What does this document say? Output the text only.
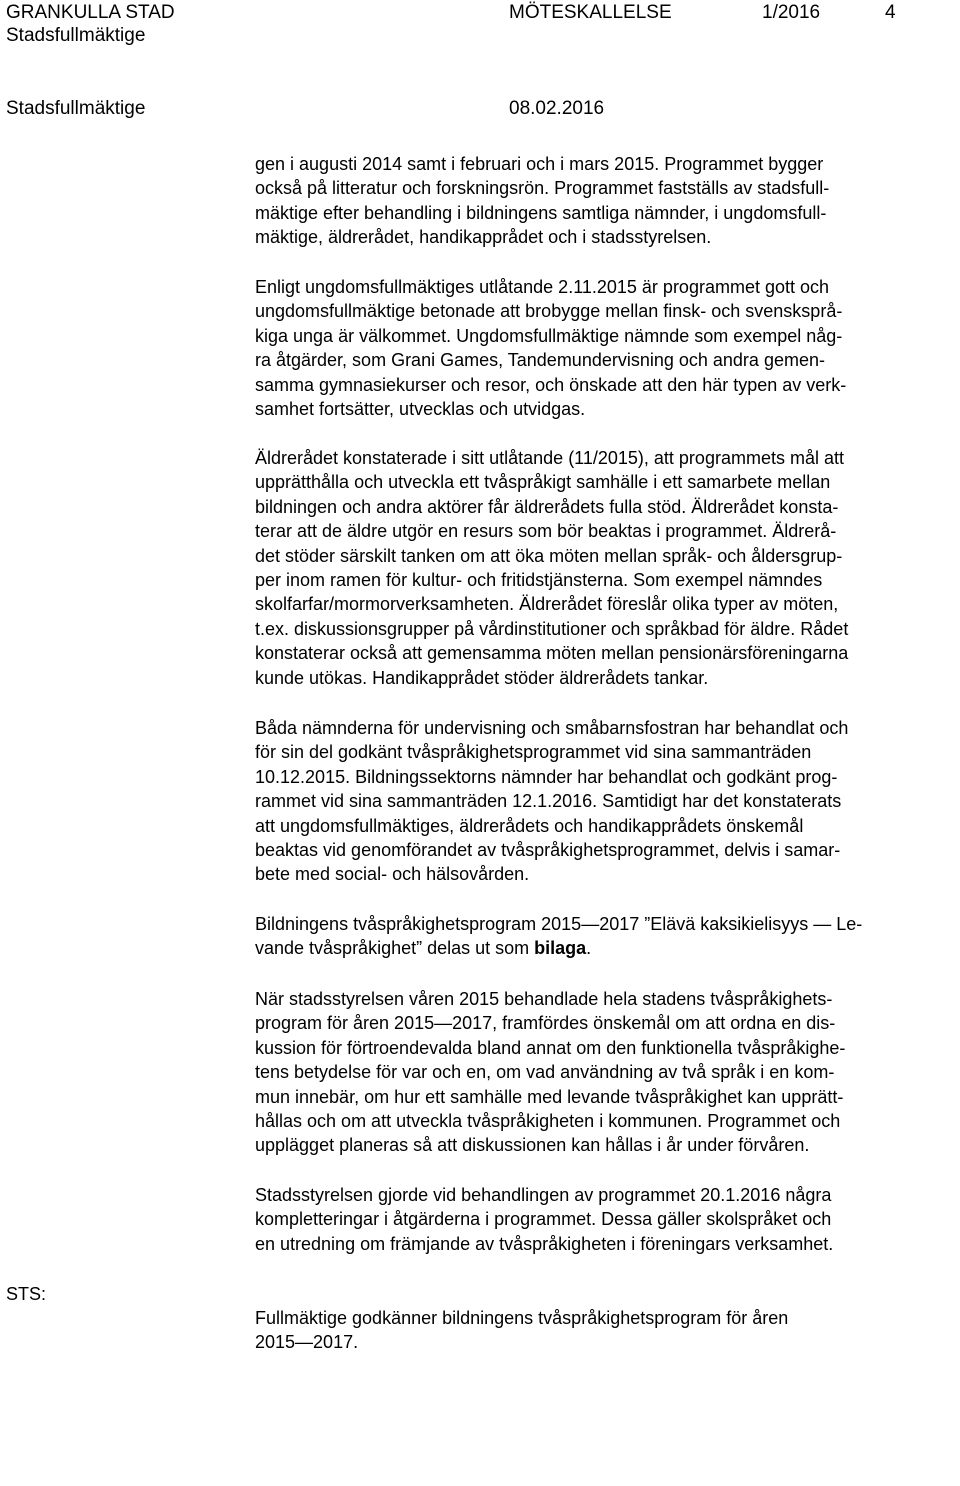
GRANKULLA STAD	MÖTESKALLELSE	1/2016	4
Stadsfullmäktige
Stadsfullmäktige	08.02.2016
gen i augusti 2014 samt i februari och i mars 2015. Programmet bygger
också på litteratur och forskningsrön. Programmet fastställs av stadsfull-
mäktige efter behandling i bildningens samtliga nämnder, i ungdomsfull-
mäktige, äldrerådet, handikapprådet och i stadsstyrelsen.
Enligt ungdomsfullmäktiges utlåtande 2.11.2015 är programmet gott och
ungdomsfullmäktige betonade att brobygge mellan finsk- och svensksprå-
kiga unga är välkommet. Ungdomsfullmäktige nämnde som exempel någ-
ra åtgärder, som Grani Games, Tandemundervisning och andra gemen-
samma gymnasiekurser och resor, och önskade att den här typen av verk-
samhet fortsätter, utvecklas och utvidgas.
Äldrerådet konstaterade i sitt utlåtande (11/2015), att programmets mål att
upprätthålla och utveckla ett tvåspråkigt samhälle i ett samarbete mellan
bildningen och andra aktörer får äldrerådets fulla stöd. Äldrerådet konsta-
terar att de äldre utgör en resurs som bör beaktas i programmet. Äldrerå-
det stöder särskilt tanken om att öka möten mellan språk- och åldersgrup-
per inom ramen för kultur- och fritidstjänsterna. Som exempel nämndes
skolfarfar/mormorverksamheten. Äldrerådet föreslår olika typer av möten,
t.ex. diskussionsgrupper på vårdinstitutioner och språkbad för äldre. Rådet
konstaterar också att gemensamma möten mellan pensionärsföreningarna
kunde utökas. Handikapprådet stöder äldrerådets tankar.
Båda nämnderna för undervisning och småbarnsfostran har behandlat och
för sin del godkänt tvåspråkighetsprogrammet vid sina sammanträden
10.12.2015. Bildningssektorns nämnder har behandlat och godkänt prog-
rammet vid sina sammanträden 12.1.2016. Samtidigt har det konstaterats
att ungdomsfullmäktiges, äldrerådets och handikapprådets önskemål
beaktas vid genomförandet av tvåspråkighetsprogrammet, delvis i samar-
bete med social- och hälsovården.
Bildningens tvåspråkighetsprogram 2015—2017 ”Elävä kaksikielisyys — Le-
vande tvåspråkighet” delas ut som bilaga.
När stadsstyrelsen våren 2015 behandlade hela stadens tvåspråkighets-
program för åren 2015—2017, framfördes önskemål om att ordna en dis-
kussion för förtroendevalda bland annat om den funktionella tvåspråkighe-
tens betydelse för var och en, om vad användning av två språk i en kom-
mun innebär, om hur ett samhälle med levande tvåspråkighet kan upprätt-
hållas och om att utveckla tvåspråkigheten i kommunen. Programmet och
upplägget planeras så att diskussionen kan hållas i år under förvåren.
Stadsstyrelsen gjorde vid behandlingen av programmet 20.1.2016 några
kompletteringar i åtgärderna i programmet. Dessa gäller skolspråket och
en utredning om främjande av tvåspråkigheten i föreningars verksamhet.
STS:
Fullmäktige godkänner bildningens tvåspråkighetsprogram för åren
2015—2017.
